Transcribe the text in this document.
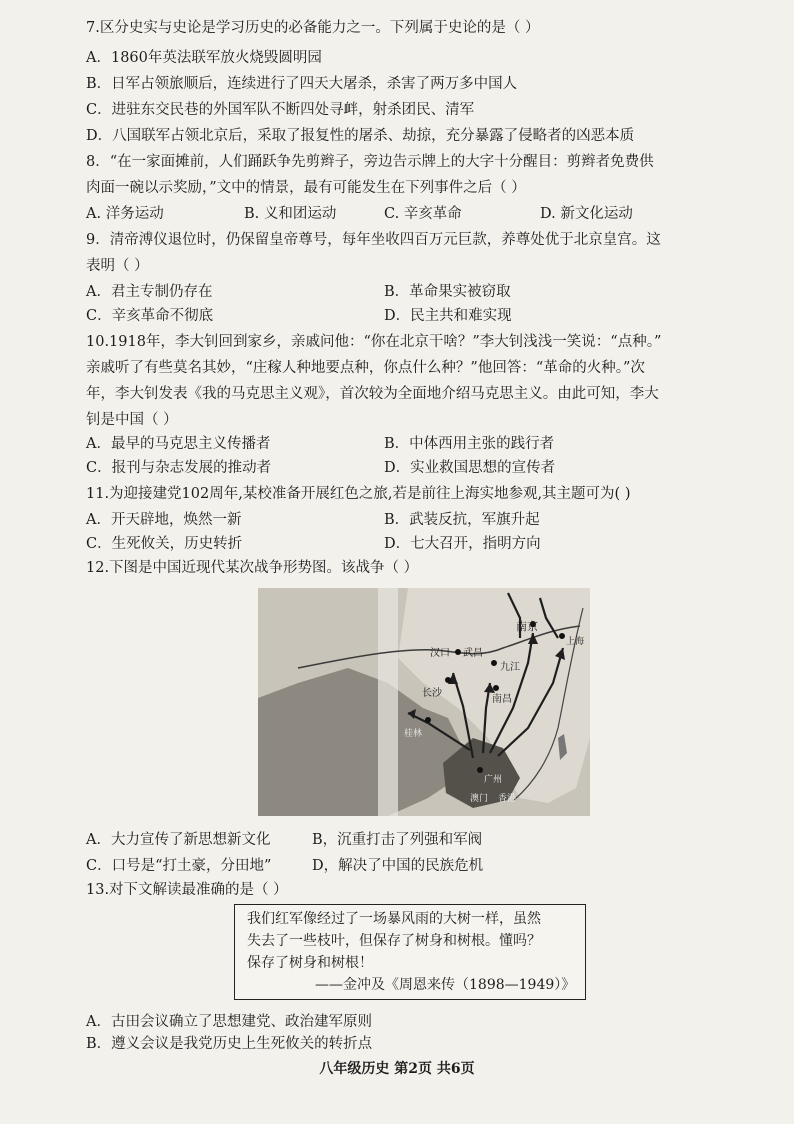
7.区分史实与史论是学习历史的必备能力之一。下列属于史论的是（ ）
A．1860年英法联军放火烧毁圆明园
B．日军占领旅顺后，连续进行了四天大屠杀，杀害了两万多中国人
C．进驻东交民巷的外国军队不断四处寻衅，射杀团民、清军
D．八国联军占领北京后，采取了报复性的屠杀、劫掠，充分暴露了侵略者的凶恶本质
8．“在一家面摊前，人们踊跃争先剪辫子，旁边告示牌上的大字十分醒目：剪辫者免费供
肉面一碗以示奖励，”文中的情景，最有可能发生在下列事件之后（ ）
A. 洋务运动	B. 义和团运动	C. 辛亥革命	D. 新文化运动
9．清帝溥仪退位时，仍保留皇帝尊号，每年坐收四百万元巨款，养尊处优于北京皇宫。这
表明（ ）
A．君主专制仍存在	B．革命果实被窃取
C．辛亥革命不彻底	D．民主共和难实现
10.1918年，李大钊回到家乡，亲戚问他：“你在北京干啥？”李大钊浅浅一笑说：“点种。”
亲戚听了有些莫名其妙，“庄稼人种地要点种，你点什么种？”他回答：“革命的火种。”次
年，李大钊发表《我的马克思主义观》，首次较为全面地介绍马克思主义。由此可知，李大
钊是中国（ ）
A．最早的马克思主义传播者	B．中体西用主张的践行者
C．报刊与杂志发展的推动者	D．实业救国思想的宣传者
11.为迎接建党102周年,某校准备开展红色之旅,若是前往上海实地参观,其主题可为( )
A．开天辟地，焕然一新	B．武装反抗，军旗升起
C．生死攸关，历史转折	D．七大召开，指明方向
12.下图是中国近现代某次战争形势图。该战争（ ）
南京
上海
汉口 武昌
九江
长沙
南昌
桂林
广州
澳门 香港
A．大力宣传了新思想新文化	B，沉重打击了列强和军阀
C．口号是“打土豪，分田地”	D，解决了中国的民族危机
13.对下文解读最准确的是（ ）
我们红军像经过了一场暴风雨的大树一样，虽然
失去了一些枝叶，但保存了树身和树根。懂吗？
保存了树身和树根！
——金冲及《周恩来传（1898—1949）》
A．古田会议确立了思想建党、政治建军原则
B．遵义会议是我党历史上生死攸关的转折点
八年级历史 第2页 共6页
